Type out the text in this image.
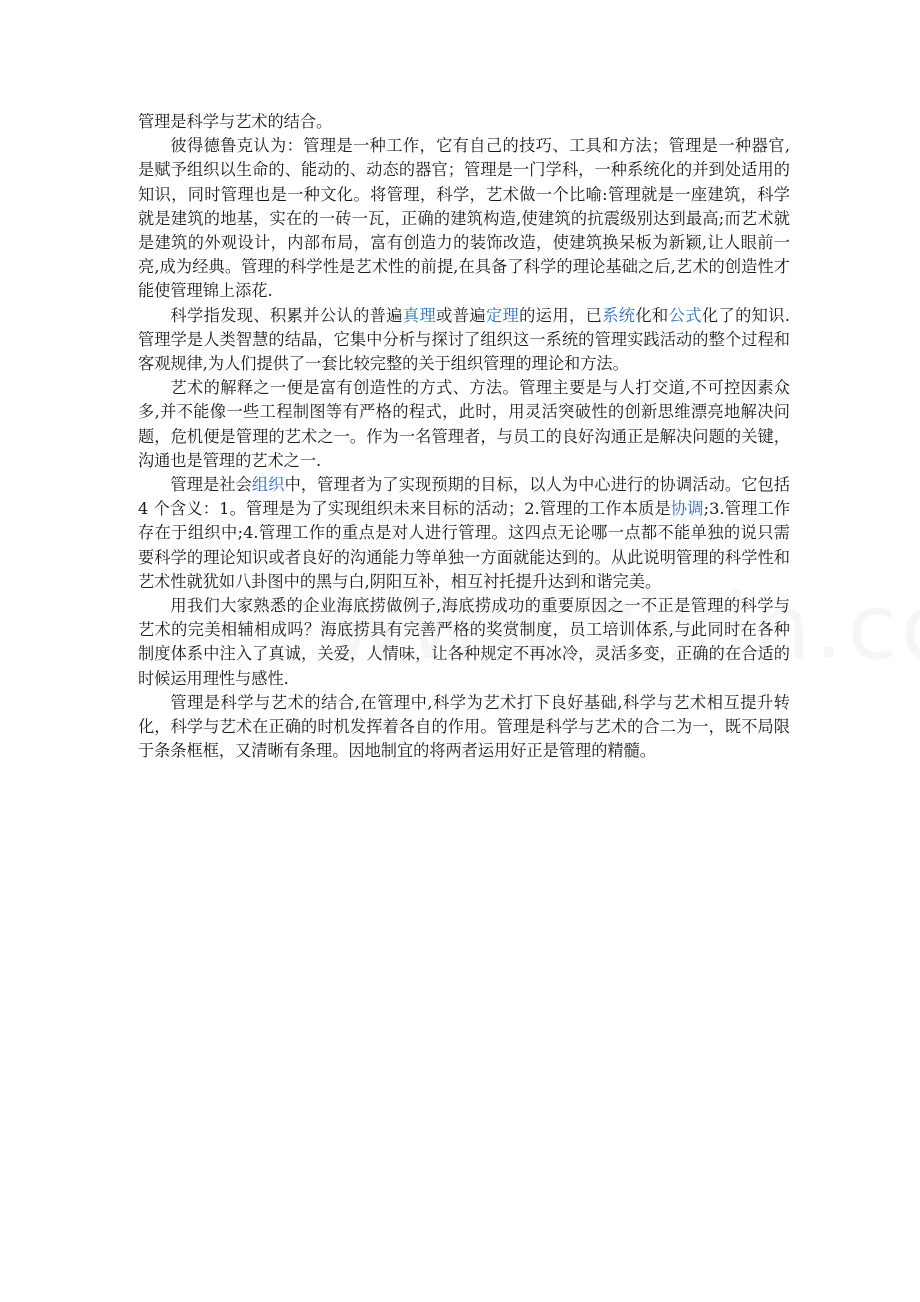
管理是科学与艺术的结合。

彼得德鲁克认为：管理是一种工作，它有自己的技巧、工具和方法；管理是一种器官,是赋予组织以生命的、能动的、动态的器官；管理是一门学科，一种系统化的并到处适用的知识，同时管理也是一种文化。将管理，科学，艺术做一个比喻:管理就是一座建筑，科学就是建筑的地基，实在的一砖一瓦，正确的建筑构造,使建筑的抗震级别达到最高;而艺术就是建筑的外观设计，内部布局，富有创造力的装饰改造，使建筑换呆板为新颖,让人眼前一亮,成为经典。管理的科学性是艺术性的前提,在具备了科学的理论基础之后,艺术的创造性才能使管理锦上添花.

科学指发现、积累并公认的普遍真理或普遍定理的运用，已系统化和公式化了的知识.管理学是人类智慧的结晶，它集中分析与探讨了组织这一系统的管理实践活动的整个过程和客观规律,为人们提供了一套比较完整的关于组织管理的理论和方法。

艺术的解释之一便是富有创造性的方式、方法。管理主要是与人打交道,不可控因素众多,并不能像一些工程制图等有严格的程式，此时，用灵活突破性的创新思维漂亮地解决问题，危机便是管理的艺术之一。作为一名管理者，与员工的良好沟通正是解决问题的关键，沟通也是管理的艺术之一.

管理是社会组织中，管理者为了实现预期的目标，以人为中心进行的协调活动。它包括 4 个含义：1。管理是为了实现组织未来目标的活动；2.管理的工作本质是协调;3.管理工作存在于组织中;4.管理工作的重点是对人进行管理。这四点无论哪一点都不能单独的说只需要科学的理论知识或者良好的沟通能力等单独一方面就能达到的。从此说明管理的科学性和艺术性就犹如八卦图中的黑与白,阴阳互补，相互衬托提升达到和谐完美。

用我们大家熟悉的企业海底捞做例子,海底捞成功的重要原因之一不正是管理的科学与艺术的完美相辅相成吗？海底捞具有完善严格的奖赏制度，员工培训体系,与此同时在各种制度体系中注入了真诚，关爱，人情味，让各种规定不再冰冷，灵活多变，正确的在合适的时候运用理性与感性.

管理是科学与艺术的结合,在管理中,科学为艺术打下良好基础,科学与艺术相互提升转化，科学与艺术在正确的时机发挥着各自的作用。管理是科学与艺术的合二为一，既不局限于条条框框，又清晰有条理。因地制宜的将两者运用好正是管理的精髓。
